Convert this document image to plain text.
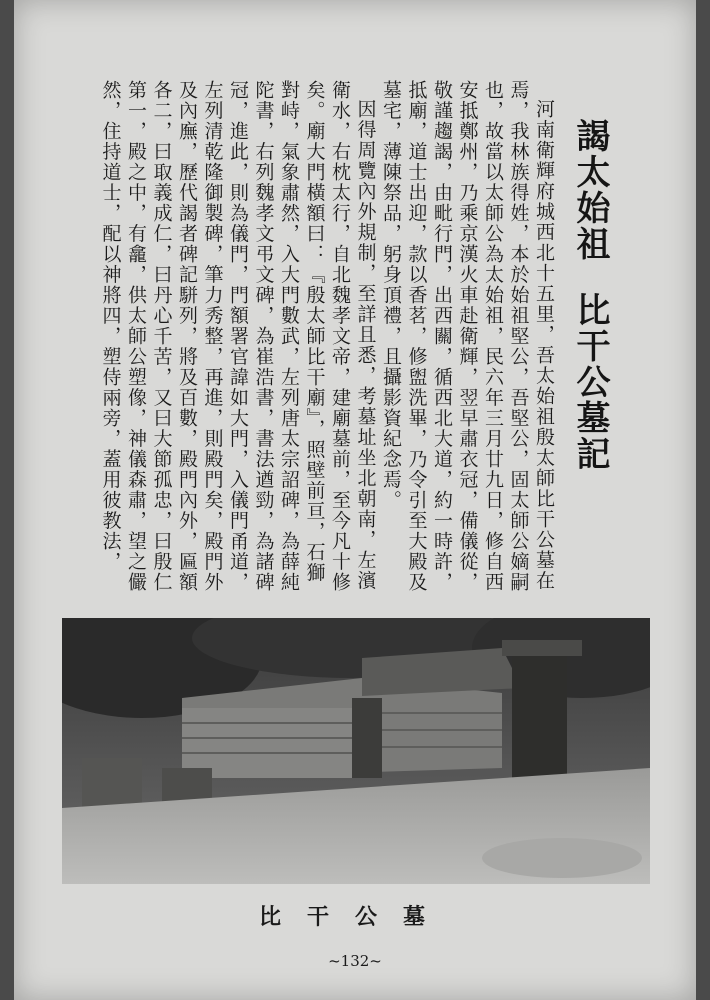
謁太始祖
比干公墓記

河南衛輝府城西北十五里，吾太始祖殷太師比干公墓在焉，我林族得姓，本於始祖堅公，吾堅公，固太師公嫡嗣也，故當以太師公為太始祖，民六年三月廿九日，修自西安抵鄭州，乃乘京漢火車赴衛輝，翌早肅衣冠，備儀從，敬謹趨謁，由毗行門，出西關，循西北大道，約一時許，抵廟，道士出迎，款以香茗，修盥洗畢，乃令引至大殿及墓宅，薄陳祭品，躬身頂禮，且攝影資紀念焉。

因得周覽內外規制，至詳且悉，考墓址坐北朝南，左濱衛水，右枕太行，自北魏孝文帝，建廟墓前，至今凡十修矣。廟大門橫額曰：『殷太師比干廟』，照壁前亘，石獅對峙，氣象肅然，入大門數武，左列唐太宗詔碑，為薛純陀書，右列魏孝文弔文碑，為崔浩書，書法遒勁，為諸碑冠，進此，則為儀門，門額署官諱如大門，入儀門甬道，左列清乾隆御製碑，筆力秀整，再進，則殿門矣，殿門外及內廡，歷代謁者碑記駢列，將及百數，殿門內外，匾額各二，曰取義成仁，曰丹心千苦，又曰大節孤忠，曰殷仁第一，殿之中，有龕，供太師公塑像，神儀森肅，望之儼然，住持道士，配以神將四，塑侍兩旁，蓋用彼教法，

比干公墓
~132~
